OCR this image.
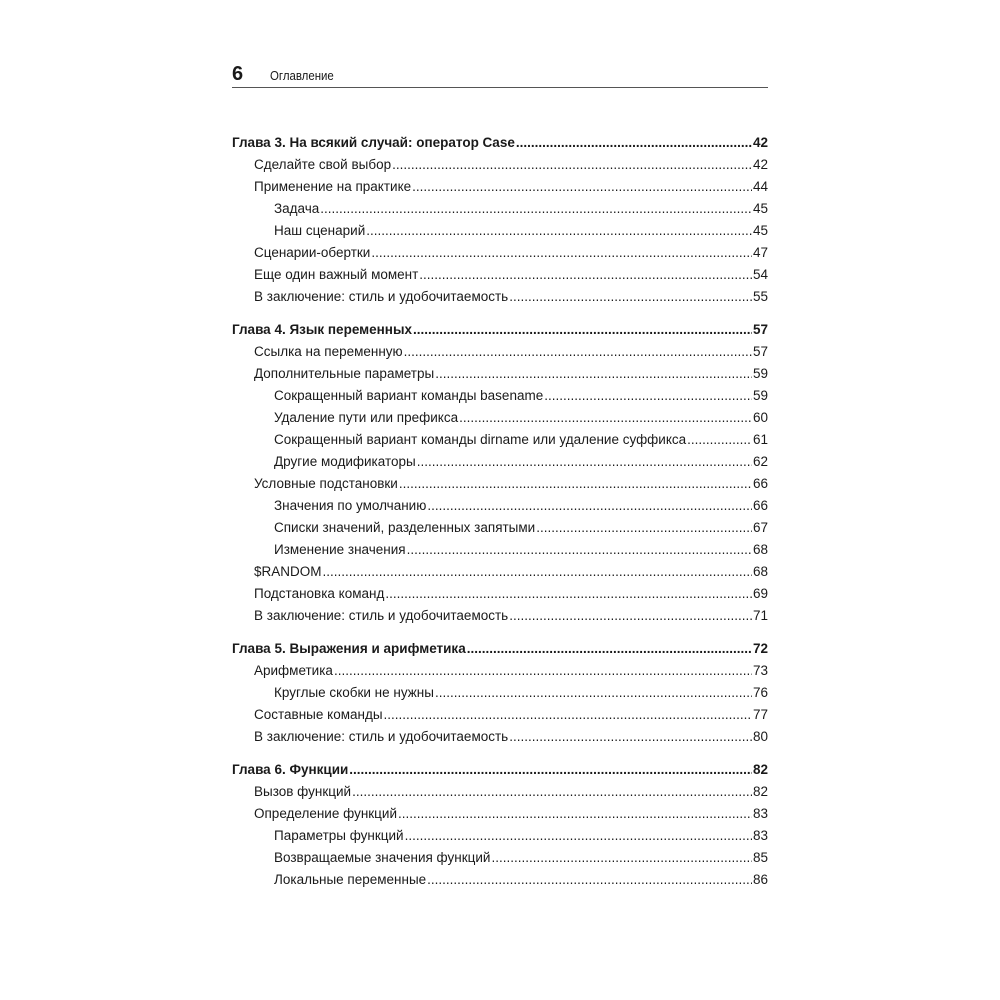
6	Оглавление
Глава 3. На всякий случай: оператор Case .....	42
Сделайте свой выбор .....	42
Применение на практике .....	44
Задача .....	45
Наш сценарий .....	45
Сценарии-обертки .....	47
Еще один важный момент .....	54
В заключение: стиль и удобочитаемость .....	55
Глава 4. Язык переменных .....	57
Ссылка на переменную .....	57
Дополнительные параметры .....	59
Сокращенный вариант команды basename .....	59
Удаление пути или префикса .....	60
Сокращенный вариант команды dirname или удаление суффикса .....	61
Другие модификаторы .....	62
Условные подстановки .....	66
Значения по умолчанию .....	66
Списки значений, разделенных запятыми .....	67
Изменение значения .....	68
$RANDOM .....	68
Подстановка команд .....	69
В заключение: стиль и удобочитаемость .....	71
Глава 5. Выражения и арифметика .....	72
Арифметика .....	73
Круглые скобки не нужны .....	76
Составные команды .....	77
В заключение: стиль и удобочитаемость .....	80
Глава 6. Функции .....	82
Вызов функций .....	82
Определение функций .....	83
Параметры функций .....	83
Возвращаемые значения функций .....	85
Локальные переменные .....	86
